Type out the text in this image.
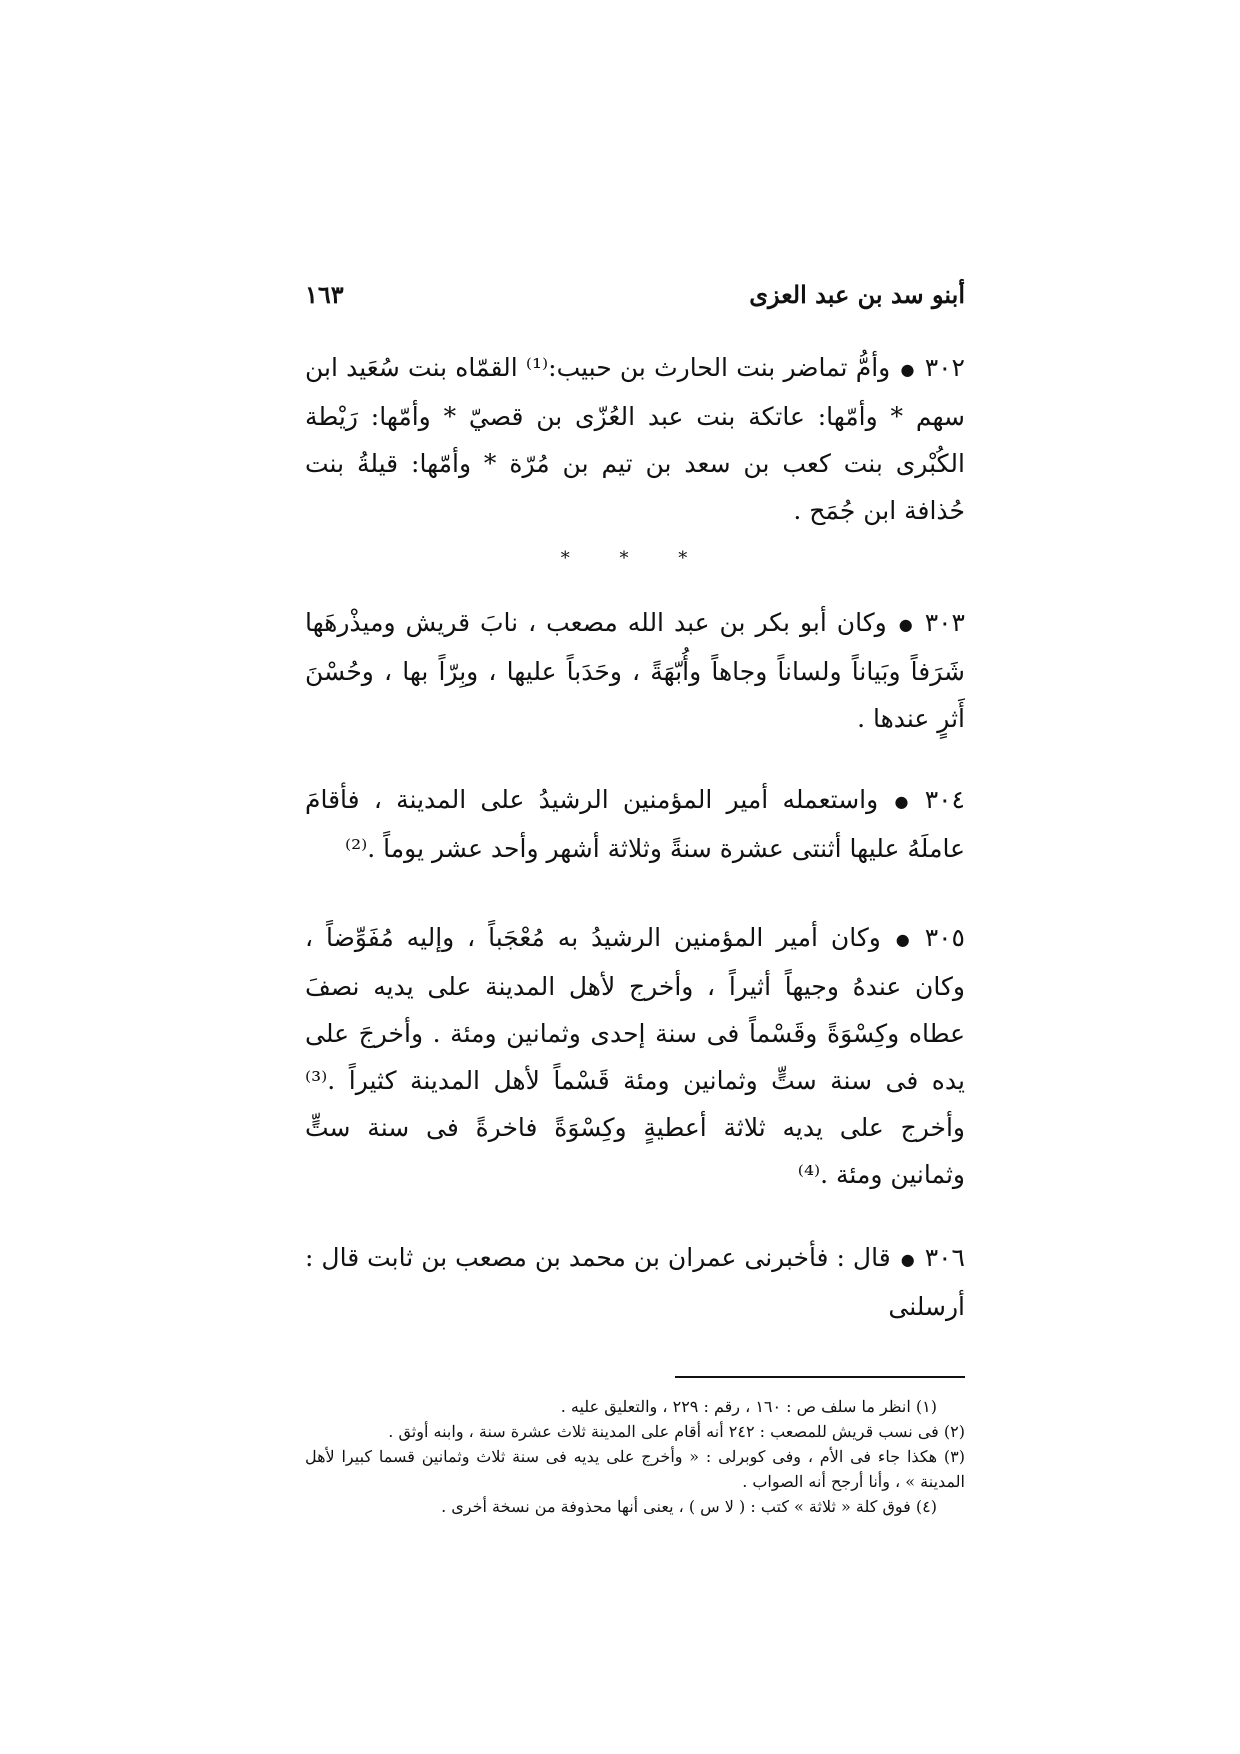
أبنو سد بن عبد العزى
١٦٣

٣٠٢●وأمُّ تماضر بنت الحارث بن حبيب:⁽¹⁾ القمّاه بنت سُعَيد ابن سهم * وأمّها: عاتكة بنت عبد العُزّى بن قصيّ * وأمّها: رَيْطة الكُبْرى بنت كعب بن سعد بن تيم بن مُرّة * وأمّها: قيلةُ بنت حُذافة ابن جُمَح .

* * *

٣٠٣●وكان أبو بكر بن عبد الله مصعب ، نابَ قريش وميذْرهَها شَرَفاً وبَياناً ولساناً وجاهاً وأُبّهَةً ، وحَدَباً عليها ، وبِرّاً بها ، وحُسْنَ أَثرٍ عندها .

٣٠٤●واستعمله أمير المؤمنين الرشيدُ على المدينة ، فأقامَ عاملَهُ عليها أثنتى عشرة سنةً وثلاثة أشهر وأحد عشر يوماً .⁽²⁾

٣٠٥●وكان أمير المؤمنين الرشيدُ به مُعْجَباً ، وإليه مُفَوِّضاً ، وكان عندهُ وجيهاً أثيراً ، وأخرج لأهل المدينة على يديه نصفَ عطاه وكِسْوَةً وقَسْماً فى سنة إحدى وثمانين ومئة . وأخرجَ على يده فى سنة ستٍّ وثمانين ومئة قَسْماً لأهل المدينة كثيراً .⁽³⁾ وأخرج على يديه ثلاثة أعطيةٍ وكِسْوَةً فاخرةً فى سنة ستٍّ وثمانين ومئة .⁽⁴⁾

٣٠٦●قال : فأخبرنى عمران بن محمد بن مصعب بن ثابت قال : أرسلنى

(١) انظر ما سلف ص : ١٦٠ ، رقم : ٢٢٩ ، والتعليق عليه .

(٢) فى نسب قريش للمصعب : ٢٤٢ أنه أقام على المدينة ثلاث عشرة سنة ، وابنه أوثق .

(٣) هكذا جاء فى الأم ، وفى كوبرلى : « وأخرج على يديه فى سنة ثلاث وثمانين قسما كبيرا لأهل المدينة » ، وأنا أرجح أنه الصواب .

(٤) فوق كلة « ثلاثة » كتب : ( لا س ) ، يعنى أنها محذوفة من نسخة أخرى .
